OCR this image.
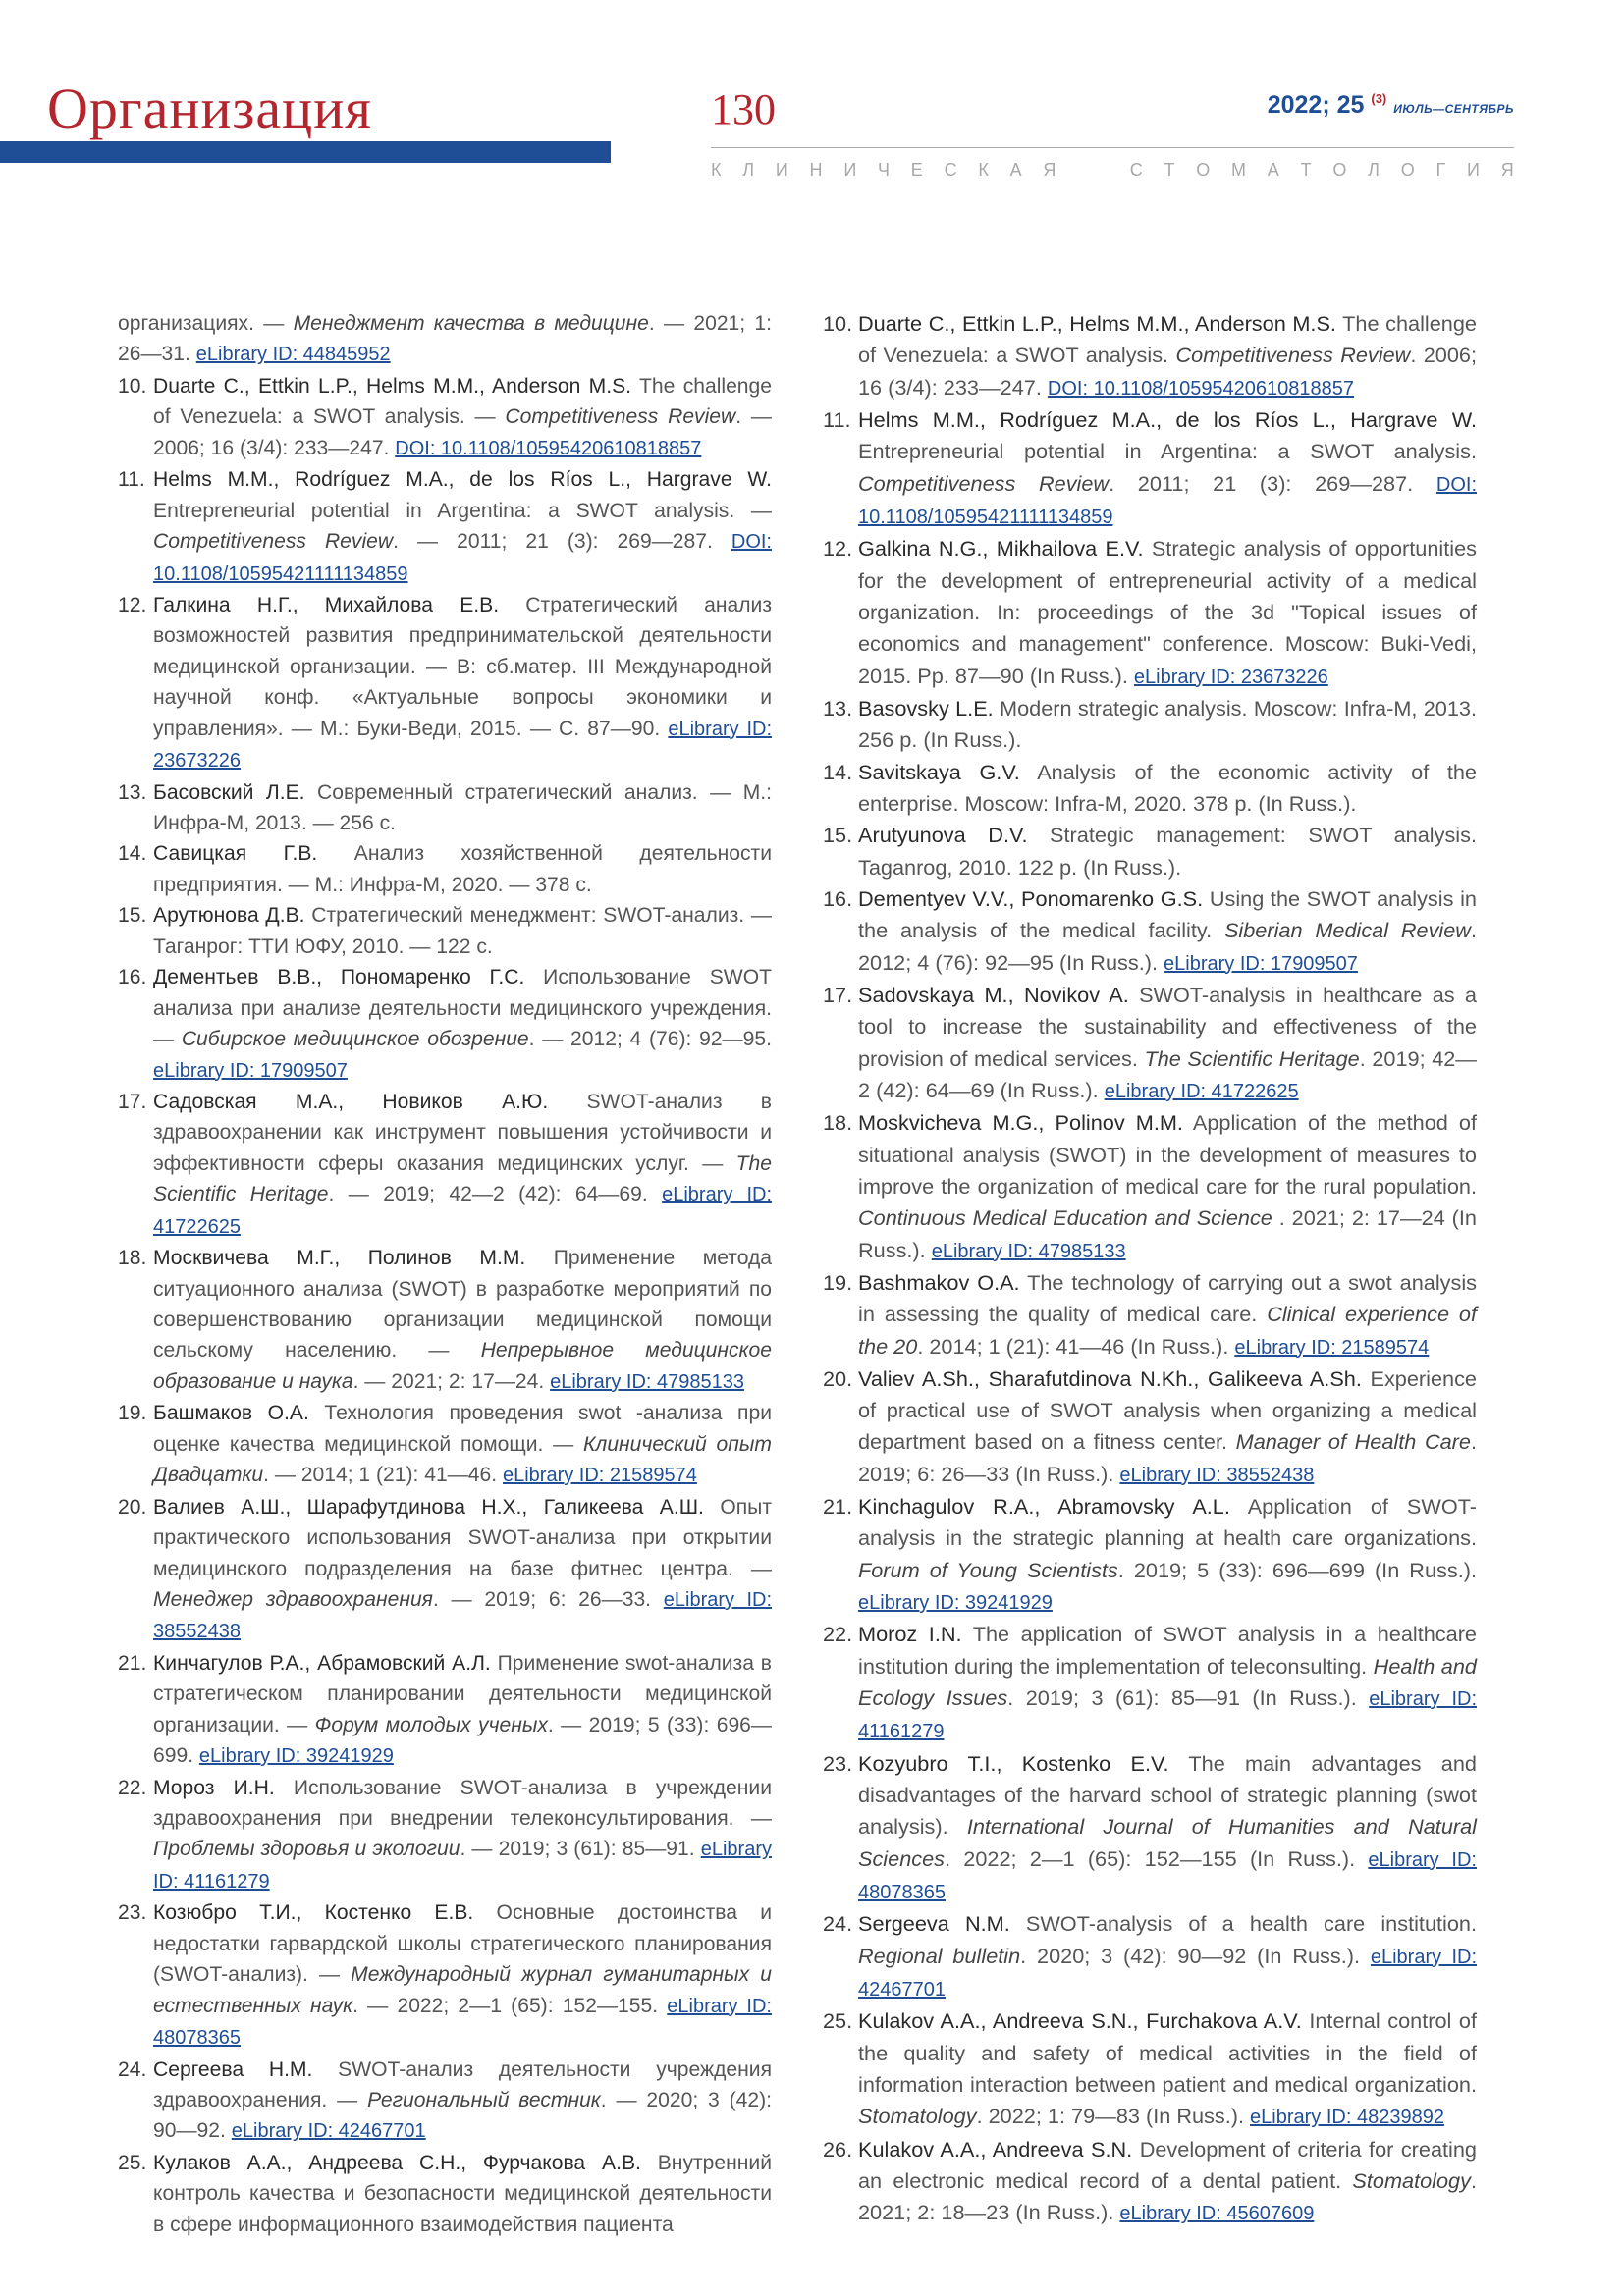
Организация	130	2022; 25 $^{(3)}$ ИЮЛЬ—СЕНТЯБРЬ
К Л И Н И Ч Е С К А Я

	С Т О М А Т О Л О Г И Я

организациях. — Менеджмент качества в медицине. — 2021; 1: 26—31. eLibrary ID: 44845952

10. Duarte C., Ettkin L.P., Helms M.M., Anderson M.S. The challenge of Venezuela: a SWOT analysis. — Competitiveness Review. — 2006; 16 (3/4): 233—247. DOI: 10.1108/10595420610818857

11. Helms M.M., Rodríguez M.A., de los Ríos L., Hargrave W. Entrepreneurial potential in Argentina: a SWOT analysis. — Competitiveness Review. — 2011; 21 (3): 269—287. DOI: 10.1108/10595421111134859

12. Галкина Н.Г., Михайлова Е.В. Стратегический анализ возможностей развития предпринимательской деятельности медицинской организации. — В: сб.матер. III Международной научной конф. «Актуальные вопросы экономики и управления». — М.: Буки-Веди, 2015. — С. 87—90. eLibrary ID: 23673226

13. Басовский Л.Е. Современный стратегический анализ. — М.: Инфра-М, 2013. — 256 с.

14. Савицкая Г.В. Анализ хозяйственной деятельности предприятия. — М.: Инфра-М, 2020. — 378 с.

15. Арутюнова Д.В. Стратегический менеджмент: SWOT-анализ. — Таганрог: ТТИ ЮФУ, 2010. — 122 с.

16. Дементьев В.В., Пономаренко Г.С. Использование SWOT анализа при анализе деятельности медицинского учреждения. — Сибирское медицинское обозрение. — 2012; 4 (76): 92—95. eLibrary ID: 17909507

17. Садовская М.А., Новиков А.Ю. SWOT-анализ в здравоохранении как инструмент повышения устойчивости и эффективности сферы оказания медицинских услуг. — The Scientific Heritage. — 2019; 42—2 (42): 64—69. eLibrary ID: 41722625

18. Москвичева М.Г., Полинов М.М. Применение метода ситуационного анализа (SWOT) в разработке мероприятий по совершенствованию организации медицинской помощи сельскому населению. — Непрерывное медицинское образование и наука. — 2021; 2: 17—24. eLibrary ID: 47985133

19. Башмаков О.А. Технология проведения swot -анализа при оценке качества медицинской помощи. — Клинический опыт Двадцатки. — 2014; 1 (21): 41—46. eLibrary ID: 21589574

20. Валиев А.Ш., Шарафутдинова Н.Х., Галикеева А.Ш. Опыт практического использования SWOT-анализа при открытии медицинского подразделения на базе фитнес центра. — Менеджер здравоохранения. — 2019; 6: 26—33. eLibrary ID: 38552438

21. Кинчагулов Р.А., Абрамовский А.Л. Применение swot-анализа в стратегическом планировании деятельности медицинской организации. — Форум молодых ученых. — 2019; 5 (33): 696—699. eLibrary ID: 39241929

22. Мороз И.Н. Использование SWOT-анализа в учреждении здравоохранения при внедрении телеконсультирования. — Проблемы здоровья и экологии. — 2019; 3 (61): 85—91. eLibrary ID: 41161279

23. Козюбро Т.И., Костенко Е.В. Основные достоинства и недостатки гарвардской школы стратегического планирования (SWOT-анализ). — Международный журнал гуманитарных и естественных наук. — 2022; 2—1 (65): 152—155. eLibrary ID: 48078365

24. Сергеева Н.М. SWOT-анализ деятельности учреждения здравоохранения. — Региональный вестник. — 2020; 3 (42): 90—92. eLibrary ID: 42467701

25. Кулаков А.А., Андреева С.Н., Фурчакова А.В. Внутренний контроль качества и безопасности медицинской деятельности в сфере информационного взаимодействия пациента

10. Duarte C., Ettkin L.P., Helms M.M., Anderson M.S. The challenge of Venezuela: a SWOT analysis. Competitiveness Review. 2006; 16 (3/4): 233—247. DOI: 10.1108/10595420610818857

11. Helms M.M., Rodríguez M.A., de los Ríos L., Hargrave W. Entrepreneurial potential in Argentina: a SWOT analysis. Competitiveness Review. 2011; 21 (3): 269—287. DOI: 10.1108/10595421111134859

12. Galkina N.G., Mikhailova E.V. Strategic analysis of opportunities for the development of entrepreneurial activity of a medical organization. In: proceedings of the 3d "Topical issues of economics and management" conference. Moscow: Buki-Vedi, 2015. Pp. 87—90 (In Russ.). eLibrary ID: 23673226

13. Basovsky L.E. Modern strategic analysis. Moscow: Infra-M, 2013. 256 p. (In Russ.).

14. Savitskaya G.V. Analysis of the economic activity of the enterprise. Moscow: Infra-M, 2020. 378 p. (In Russ.).

15. Arutyunova D.V. Strategic management: SWOT analysis. Taganrog, 2010. 122 p. (In Russ.).

16. Dementyev V.V., Ponomarenko G.S. Using the SWOT analysis in the analysis of the medical facility. Siberian Medical Review. 2012; 4 (76): 92—95 (In Russ.). eLibrary ID: 17909507

17. Sadovskaya M., Novikov A. SWOT-analysis in healthcare as a tool to increase the sustainability and effectiveness of the provision of medical services. The Scientific Heritage. 2019; 42—2 (42): 64—69 (In Russ.). eLibrary ID: 41722625

18. Moskvicheva M.G., Polinov M.M. Application of the method of situational analysis (SWOT) in the development of measures to improve the organization of medical care for the rural population. Continuous Medical Education and Science . 2021; 2: 17—24 (In Russ.). eLibrary ID: 47985133

19. Bashmakov O.A. The technology of carrying out a swot analysis in assessing the quality of medical care. Clinical experience of the 20. 2014; 1 (21): 41—46 (In Russ.). eLibrary ID: 21589574

20. Valiev A.Sh., Sharafutdinova N.Kh., Galikeeva A.Sh. Experience of practical use of SWOT analysis when organizing a medical department based on a fitness center. Manager of Health Care. 2019; 6: 26—33 (In Russ.). eLibrary ID: 38552438

21. Kinchagulov R.A., Abramovsky A.L. Application of SWOT-analysis in the strategic planning at health care organizations. Forum of Young Scientists. 2019; 5 (33): 696—699 (In Russ.). eLibrary ID: 39241929

22. Moroz I.N. The application of SWOT analysis in a healthcare institution during the implementation of teleconsulting. Health and Ecology Issues. 2019; 3 (61): 85—91 (In Russ.). eLibrary ID: 41161279

23. Kozyubro T.I., Kostenko E.V. The main advantages and disadvantages of the harvard school of strategic planning (swot analysis). International Journal of Humanities and Natural Sciences. 2022; 2—1 (65): 152—155 (In Russ.). eLibrary ID: 48078365

24. Sergeeva N.M. SWOT-analysis of a health care institution. Regional bulletin. 2020; 3 (42): 90—92 (In Russ.). eLibrary ID: 42467701

25. Kulakov A.A., Andreeva S.N., Furchakova A.V. Internal control of the quality and safety of medical activities in the field of information interaction between patient and medical organization. Stomatology. 2022; 1: 79—83 (In Russ.). eLibrary ID: 48239892

26. Kulakov A.A., Andreeva S.N. Development of criteria for creating an electronic medical record of a dental patient. Stomatology. 2021; 2: 18—23 (In Russ.). eLibrary ID: 45607609
